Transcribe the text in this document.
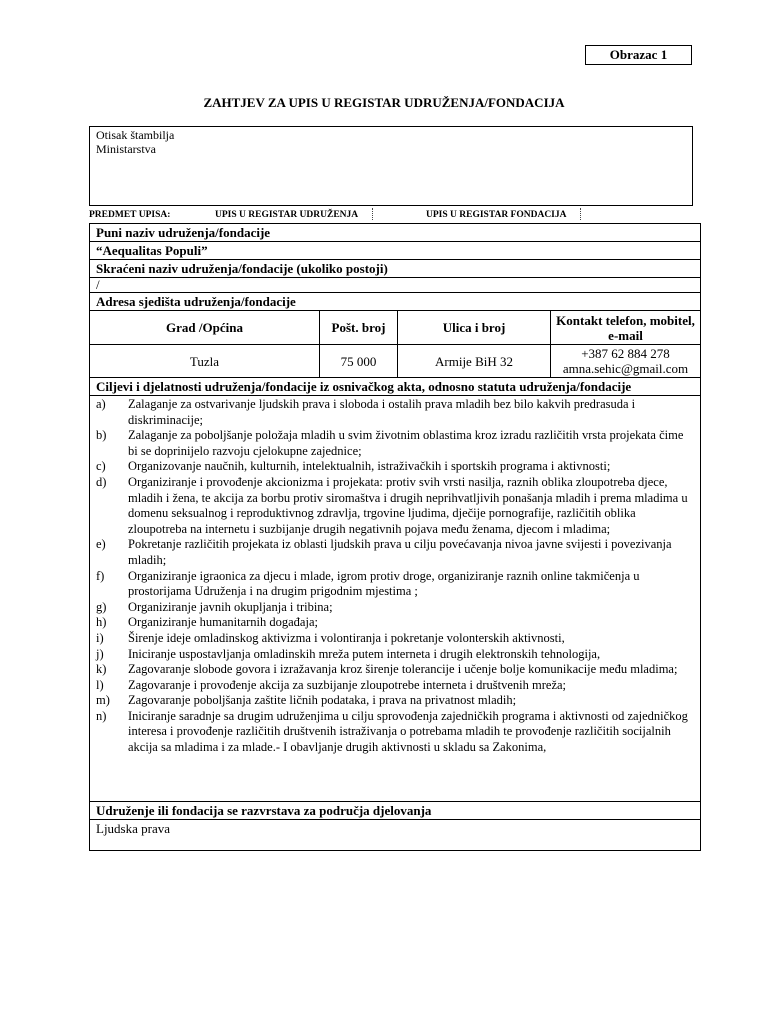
Obrazac 1
ZAHTJEV ZA UPIS U REGISTAR UDRUŽENJA/FONDACIJA
Otisak štambilja
Ministarstva
PREDMET UPISA:	UPIS U REGISTAR UDRUŽENJA	UPIS U REGISTAR FONDACIJA
Puni naziv udruženja/fondacije
“Aequalitas Populi”
Skraćeni naziv udruženja/fondacije (ukoliko postoji)
/
Adresa sjedišta udruženja/fondacije
Grad /Općina	Pošt. broj	Ulica i broj	Kontakt telefon, mobitel, e-mail
Tuzla	75 000	Armije BiH 32	+387 62 884 278
amna.sehic@gmail.com
Ciljevi i djelatnosti udruženja/fondacije iz osnivačkog akta, odnosno statuta udruženja/fondacije
a)	Zalaganje za ostvarivanje ljudskih prava i sloboda i ostalih prava mladih bez bilo kakvih predrasuda i diskriminacije;
b)	Zalaganje za poboljšanje položaja mladih u svim životnim oblastima kroz izradu različitih vrsta projekata čime bi se doprinijelo razvoju cjelokupne zajednice;
c)	Organizovanje naučnih, kulturnih, intelektualnih, istraživačkih i sportskih programa i aktivnosti;
d)	Organiziranje i provođenje akcionizma i projekata: protiv svih vrsti nasilja, raznih oblika zloupotreba djece, mladih i žena, te akcija za borbu protiv siromaštva i drugih neprihvatljivih ponašanja mladih i prema mladima u domenu seksualnog i reproduktivnog zdravlja, trgovine ljudima, dječije pornografije, različitih oblika zloupotreba na internetu i suzbijanje drugih negativnih pojava među ženama, djecom i mladima;
e)	Pokretanje različitih projekata iz oblasti ljudskih prava u cilju povećavanja nivoa javne svijesti i povezivanja mladih;
f)	Organiziranje igraonica za djecu i mlade, igrom protiv droge, organiziranje raznih online takmičenja u prostorijama Udruženja i na drugim prigodnim mjestima ;
g)	Organiziranje javnih okupljanja i tribina;
h)	Organiziranje humanitarnih događaja;
i)	Širenje ideje omladinskog aktivizma i volontiranja i pokretanje volonterskih aktivnosti,
j)	Iniciranje uspostavljanja omladinskih mreža putem interneta i drugih elektronskih tehnologija,
k)	Zagovaranje slobode govora i izražavanja kroz širenje tolerancije i učenje bolje komunikacije među mladima;
l)	Zagovaranje i provođenje akcija za suzbijanje zloupotrebe interneta i društvenih mreža;
m)	Zagovaranje poboljšanja zaštite ličnih podataka, i prava na privatnost mladih;
n)	Iniciranje saradnje sa drugim udruženjima u cilju sprovođenja zajedničkih programa i aktivnosti od zajedničkog interesa i provođenje različitih društvenih istraživanja o potrebama mladih te provođenje različitih socijalnih akcija sa mladima i za mlade.- I obavljanje drugih aktivnosti u skladu sa Zakonima,
Udruženje ili fondacija se razvrstava za područja djelovanja
Ljudska prava
